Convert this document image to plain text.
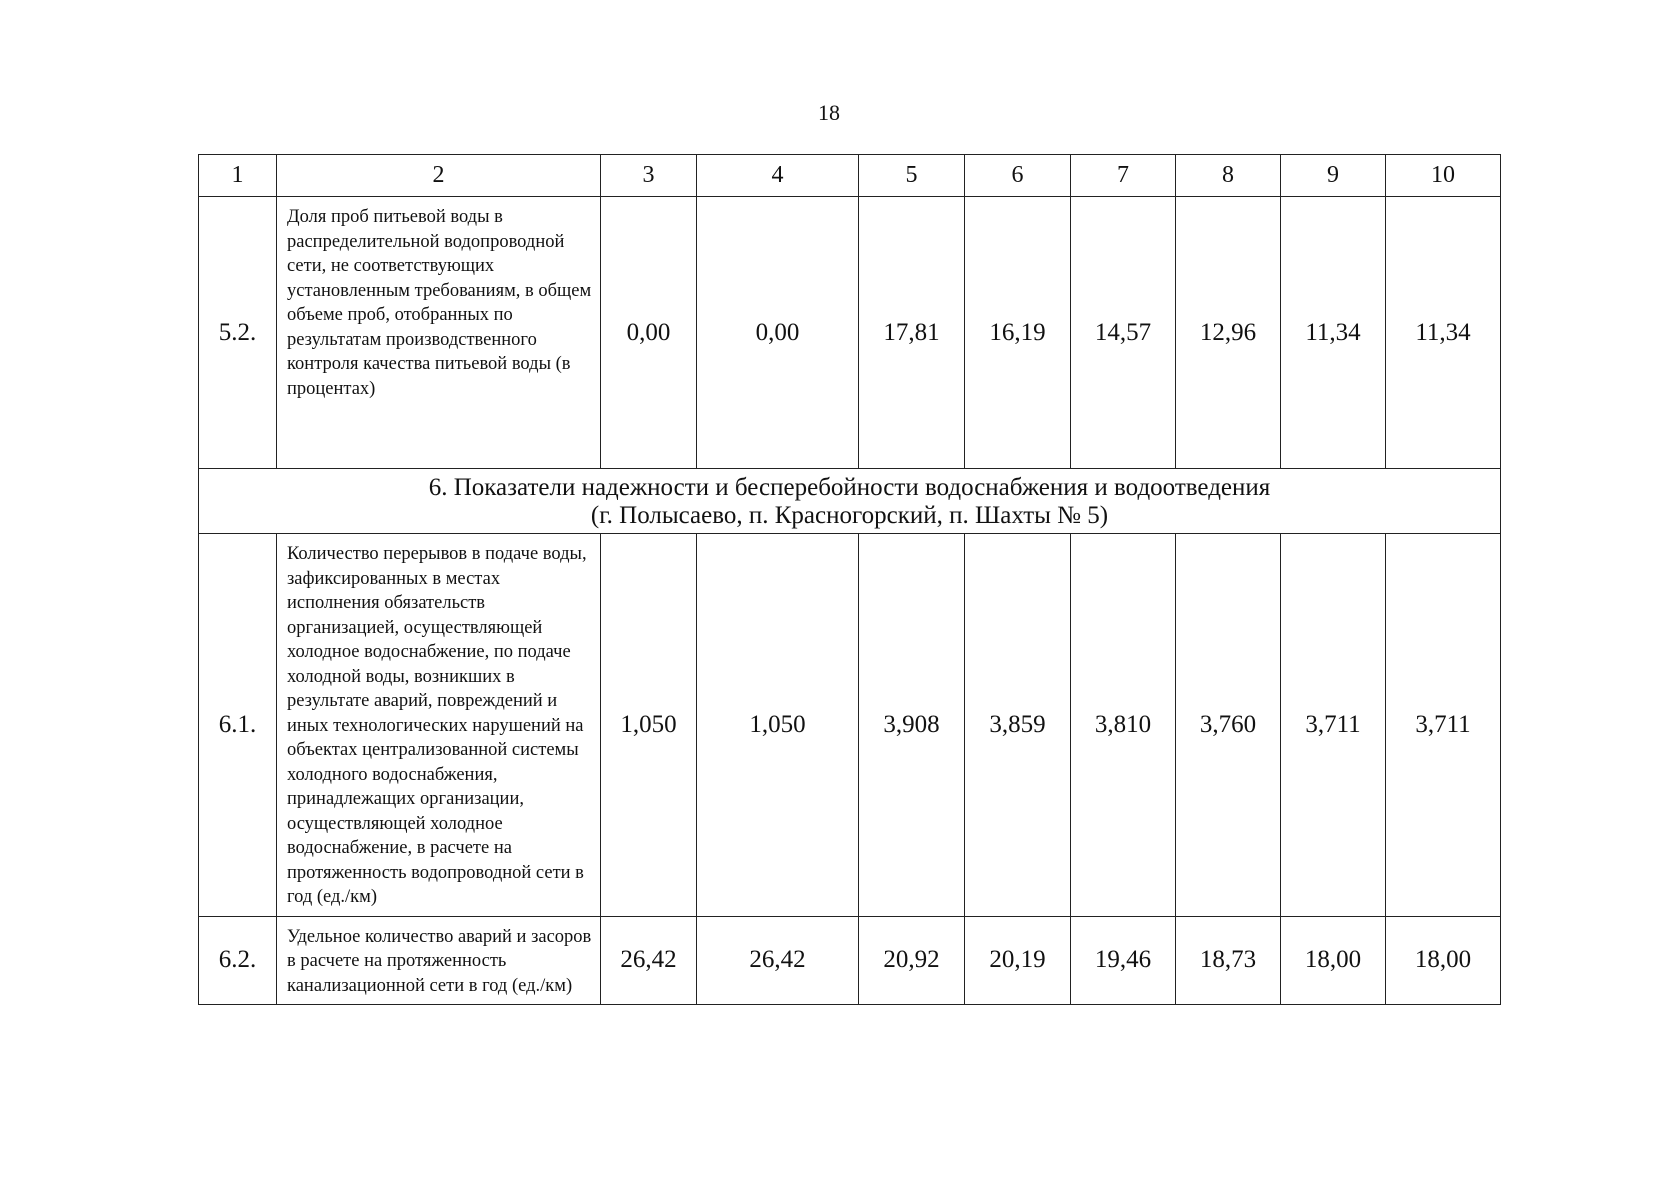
18
1	2	3	4	5	6	7	8	9	10
5.2.	Доля проб питьевой воды в распределительной водопроводной сети, не соответствующих установленным требованиям, в общем объеме проб, отобранных по результатам производственного контроля качества питьевой воды (в процентах)	0,00	0,00	17,81	16,19	14,57	12,96	11,34	11,34

6. Показатели надежности и бесперебойности водоснабжения и водоотведения
(г. Полысаево, п. Красногорский, п. Шахты № 5)									

6.1.	Количество перерывов в подаче воды, зафиксированных в местах исполнения обязательств организацией, осуществляющей холодное водоснабжение, по подаче холодной воды, возникших в результате аварий, повреждений и иных технологических нарушений на объектах централизованной системы холодного водоснабжения, принадлежащих организации, осуществляющей холодное водоснабжение, в расчете на протяженность водопроводной сети в год (ед./км)	1,050	1,050	3,908	3,859	3,810	3,760	3,711	3,711
6.2.	Удельное количество аварий и засоров в расчете на протяженность канализационной сети в год (ед./км)	26,42	26,42	20,92	20,19	19,46	18,73	18,00	18,00
